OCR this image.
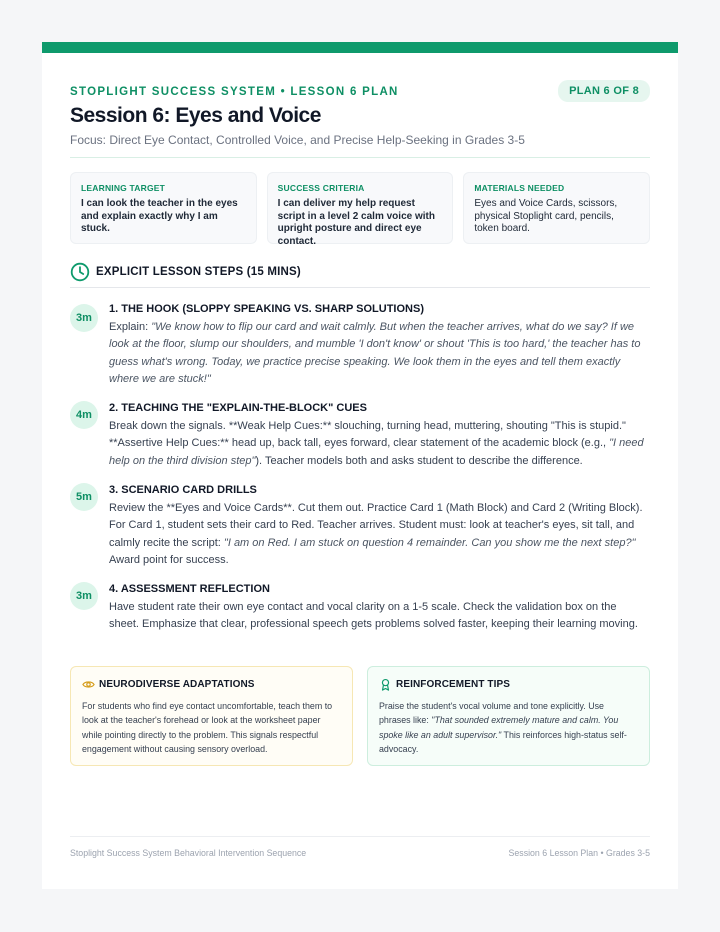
STOPLIGHT SUCCESS SYSTEM • LESSON 6 PLAN	PLAN 6 OF 8
Session 6: Eyes and Voice
Focus: Direct Eye Contact, Controlled Voice, and Precise Help-Seeking in Grades 3-5
LEARNING TARGET
I can look the teacher in the eyes and explain exactly why I am stuck.
SUCCESS CRITERIA
I can deliver my help request script in a level 2 calm voice with upright posture and direct eye contact.
MATERIALS NEEDED
Eyes and Voice Cards, scissors, physical Stoplight card, pencils, token board.
EXPLICIT LESSON STEPS (15 MINS)
3m
1. THE HOOK (SLOPPY SPEAKING VS. SHARP SOLUTIONS)
Explain: "We know how to flip our card and wait calmly. But when the teacher arrives, what do we say? If we look at the floor, slump our shoulders, and mumble 'I don't know' or shout 'This is too hard,' the teacher has to guess what's wrong. Today, we practice precise speaking. We look them in the eyes and tell them exactly where we are stuck!"
4m
2. TEACHING THE "EXPLAIN-THE-BLOCK" CUES
Break down the signals. **Weak Help Cues:** slouching, turning head, muttering, shouting "This is stupid." **Assertive Help Cues:** head up, back tall, eyes forward, clear statement of the academic block (e.g., "I need help on the third division step"). Teacher models both and asks student to describe the difference.
5m
3. SCENARIO CARD DRILLS
Review the **Eyes and Voice Cards**. Cut them out. Practice Card 1 (Math Block) and Card 2 (Writing Block). For Card 1, student sets their card to Red. Teacher arrives. Student must: look at teacher's eyes, sit tall, and calmly recite the script: "I am on Red. I am stuck on question 4 remainder. Can you show me the next step?" Award point for success.
3m
4. ASSESSMENT REFLECTION
Have student rate their own eye contact and vocal clarity on a 1-5 scale. Check the validation box on the sheet. Emphasize that clear, professional speech gets problems solved faster, keeping their learning moving.
NEURODIVERSE ADAPTATIONS
For students who find eye contact uncomfortable, teach them to look at the teacher's forehead or look at the worksheet paper while pointing directly to the problem. This signals respectful engagement without causing sensory overload.
REINFORCEMENT TIPS
Praise the student's vocal volume and tone explicitly. Use phrases like: "That sounded extremely mature and calm. You spoke like an adult supervisor." This reinforces high-status self-advocacy.
Stoplight Success System Behavioral Intervention Sequence	Session 6 Lesson Plan • Grades 3-5
